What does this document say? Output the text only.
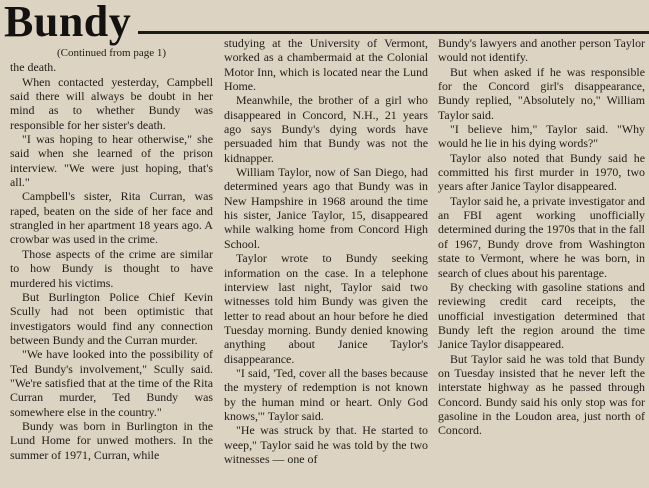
Bundy

(Continued from page 1)

the death.

When contacted yesterday, Campbell said there will always be doubt in her mind as to whether Bundy was responsible for her sister's death.

"I was hoping to hear otherwise," she said when she learned of the prison interview. "We were just hoping, that's all."

Campbell's sister, Rita Curran, was raped, beaten on the side of her face and strangled in her apartment 18 years ago. A crowbar was used in the crime.

Those aspects of the crime are similar to how Bundy is thought to have murdered his victims.

But Burlington Police Chief Kevin Scully had not been optimistic that investigators would find any connection between Bundy and the Curran murder.

"We have looked into the possibility of Ted Bundy's involvement," Scully said. "We're satisfied that at the time of the Rita Curran murder, Ted Bundy was somewhere else in the country."

Bundy was born in Burlington in the Lund Home for unwed mothers. In the summer of 1971, Curran, while

studying at the University of Vermont, worked as a chambermaid at the Colonial Motor Inn, which is located near the Lund Home.

Meanwhile, the brother of a girl who disappeared in Concord, N.H., 21 years ago says Bundy's dying words have persuaded him that Bundy was not the kidnapper.

William Taylor, now of San Diego, had determined years ago that Bundy was in New Hampshire in 1968 around the time his sister, Janice Taylor, 15, disappeared while walking home from Concord High School.

Taylor wrote to Bundy seeking information on the case. In a telephone interview last night, Taylor said two witnesses told him Bundy was given the letter to read about an hour before he died Tuesday morning. Bundy denied knowing anything about Janice Taylor's disappearance.

"I said, 'Ted, cover all the bases because the mystery of redemption is not known by the human mind or heart. Only God knows,'" Taylor said.

"He was struck by that. He started to weep," Taylor said he was told by the two witnesses — one of

Bundy's lawyers and another person Taylor would not identify.

But when asked if he was responsible for the Concord girl's disappearance, Bundy replied, "Absolutely no," William Taylor said.

"I believe him," Taylor said. "Why would he lie in his dying words?"

Taylor also noted that Bundy said he committed his first murder in 1970, two years after Janice Taylor disappeared.

Taylor said he, a private investigator and an FBI agent working unofficially determined during the 1970s that in the fall of 1967, Bundy drove from Washington state to Vermont, where he was born, in search of clues about his parentage.

By checking with gasoline stations and reviewing credit card receipts, the unofficial investigation determined that Bundy left the region around the time Janice Taylor disappeared.

But Taylor said he was told that Bundy on Tuesday insisted that he never left the interstate highway as he passed through Concord. Bundy said his only stop was for gasoline in the Loudon area, just north of Concord.
